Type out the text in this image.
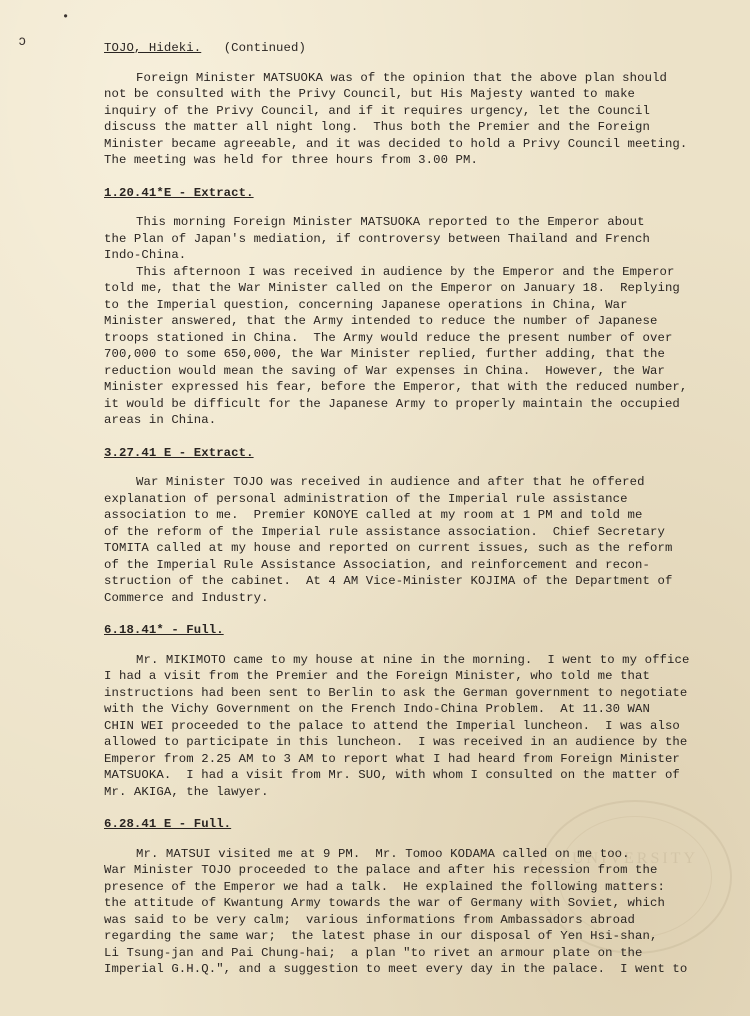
•
ↄ
UNIVERSITY
TOJO, Hideki. (Continued)
Foreign Minister MATSUOKA was of the opinion that the above plan should
not be consulted with the Privy Council, but His Majesty wanted to make
inquiry of the Privy Council, and if it requires urgency, let the Council
discuss the matter all night long.  Thus both the Premier and the Foreign
Minister became agreeable, and it was decided to hold a Privy Council meeting.
The meeting was held for three hours from 3.00 PM.
1.20.41*E - Extract.
This morning Foreign Minister MATSUOKA reported to the Emperor about
the Plan of Japan's mediation, if controversy between Thailand and French
Indo-China.
This afternoon I was received in audience by the Emperor and the Emperor
told me, that the War Minister called on the Emperor on January 18.  Replying
to the Imperial question, concerning Japanese operations in China, War
Minister answered, that the Army intended to reduce the number of Japanese
troops stationed in China.  The Army would reduce the present number of over
700,000 to some 650,000, the War Minister replied, further adding, that the
reduction would mean the saving of War expenses in China.  However, the War
Minister expressed his fear, before the Emperor, that with the reduced number,
it would be difficult for the Japanese Army to properly maintain the occupied
areas in China.
3.27.41 E - Extract.
War Minister TOJO was received in audience and after that he offered
explanation of personal administration of the Imperial rule assistance
association to me.  Premier KONOYE called at my room at 1 PM and told me
of the reform of the Imperial rule assistance association.  Chief Secretary
TOMITA called at my house and reported on current issues, such as the reform
of the Imperial Rule Assistance Association, and reinforcement and recon-
struction of the cabinet.  At 4 AM Vice-Minister KOJIMA of the Department of
Commerce and Industry.
6.18.41* - Full.
Mr. MIKIMOTO came to my house at nine in the morning.  I went to my office
I had a visit from the Premier and the Foreign Minister, who told me that
instructions had been sent to Berlin to ask the German government to negotiate
with the Vichy Government on the French Indo-China Problem.  At 11.30 WAN
CHIN WEI proceeded to the palace to attend the Imperial luncheon.  I was also
allowed to participate in this luncheon.  I was received in an audience by the
Emperor from 2.25 AM to 3 AM to report what I had heard from Foreign Minister
MATSUOKA.  I had a visit from Mr. SUO, with whom I consulted on the matter of
Mr. AKIGA, the lawyer.
6.28.41 E - Full.
Mr. MATSUI visited me at 9 PM.  Mr. Tomoo KODAMA called on me too.
War Minister TOJO proceeded to the palace and after his recession from the
presence of the Emperor we had a talk.  He explained the following matters:
the attitude of Kwantung Army towards the war of Germany with Soviet, which
was said to be very calm;  various informations from Ambassadors abroad
regarding the same war;  the latest phase in our disposal of Yen Hsi-shan,
Li Tsung-jan and Pai Chung-hai;  a plan "to rivet an armour plate on the
Imperial G.H.Q.", and a suggestion to meet every day in the palace.  I went to
